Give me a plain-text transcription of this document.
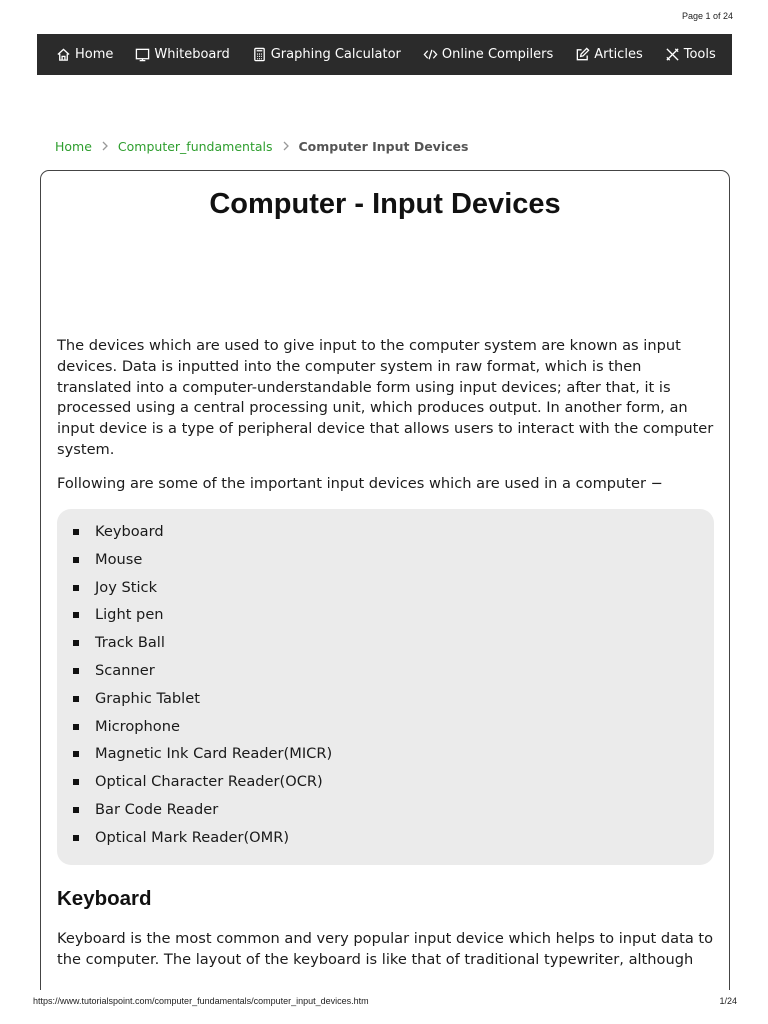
Page 1 of 24
Home	Whiteboard	Graphing Calculator	Online Compilers	Articles	Tools
Home Computer_fundamentals Computer Input Devices
Computer - Input Devices

The devices which are used to give input to the computer system are known as input devices. Data is inputted into the computer system in raw format, which is then translated into a computer-understandable form using input devices; after that, it is processed using a central processing unit, which produces output. In another form, an input device is a type of peripheral device that allows users to interact with the computer system.

Following are some of the important input devices which are used in a computer −

Keyboard
Mouse
Joy Stick
Light pen
Track Ball
Scanner
Graphic Tablet
Microphone
Magnetic Ink Card Reader(MICR)
Optical Character Reader(OCR)
Bar Code Reader
Optical Mark Reader(OMR)
Keyboard

Keyboard is the most common and very popular input device which helps to input data to the computer. The layout of the keyboard is like that of traditional typewriter, although

https://www.tutorialspoint.com/computer_fundamentals/computer_input_devices.htm	1/24
